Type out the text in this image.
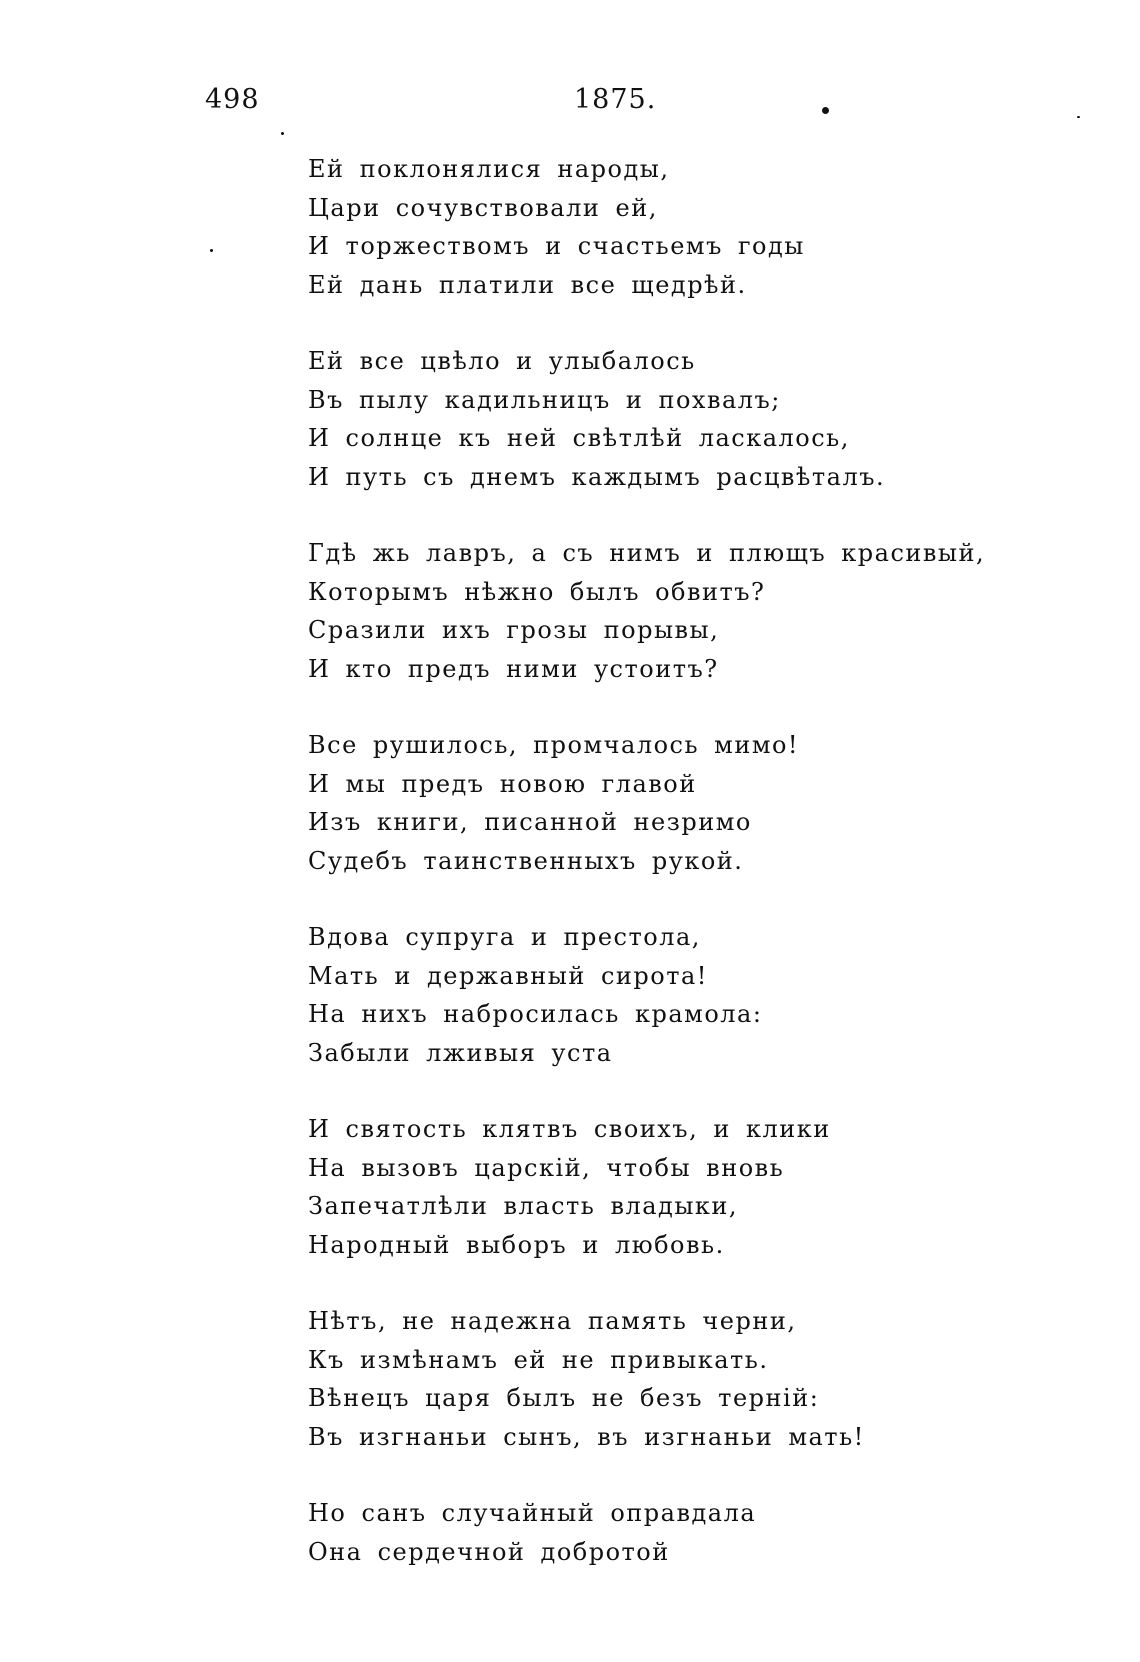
498	1875.

Ей поклонялися народы,
Цари сочувствовали ей,
И торжествомъ и счастьемъ годы
Ей дань платили все щедрѣй.
Ей все цвѣло и улыбалось
Въ пылу кадильницъ и похвалъ;
И солнце къ ней свѣтлѣй ласкалось,
И путь съ днемъ каждымъ расцвѣталъ.
Гдѣ жь лавръ, а съ нимъ и плющъ красивый,
Которымъ нѣжно былъ обвитъ?
Сразили ихъ грозы порывы,
И кто предъ ними устоитъ?
Все рушилось, промчалось мимо!
И мы предъ новою главой
Изъ книги, писанной незримо
Судебъ таинственныхъ рукой.
Вдова супруга и престола,
Мать и державный сирота!
На нихъ набросилась крамола:
Забыли лживыя уста
И святость клятвъ своихъ, и клики
На вызовъ царскій, чтобы вновь
Запечатлѣли власть владыки,
Народный выборъ и любовь.
Нѣтъ, не надежна память черни,
Къ измѣнамъ ей не привыкать.
Вѣнецъ царя былъ не безъ терній:
Въ изгнаньи сынъ, въ изгнаньи мать!
Но санъ случайный оправдала
Она сердечной добротой
